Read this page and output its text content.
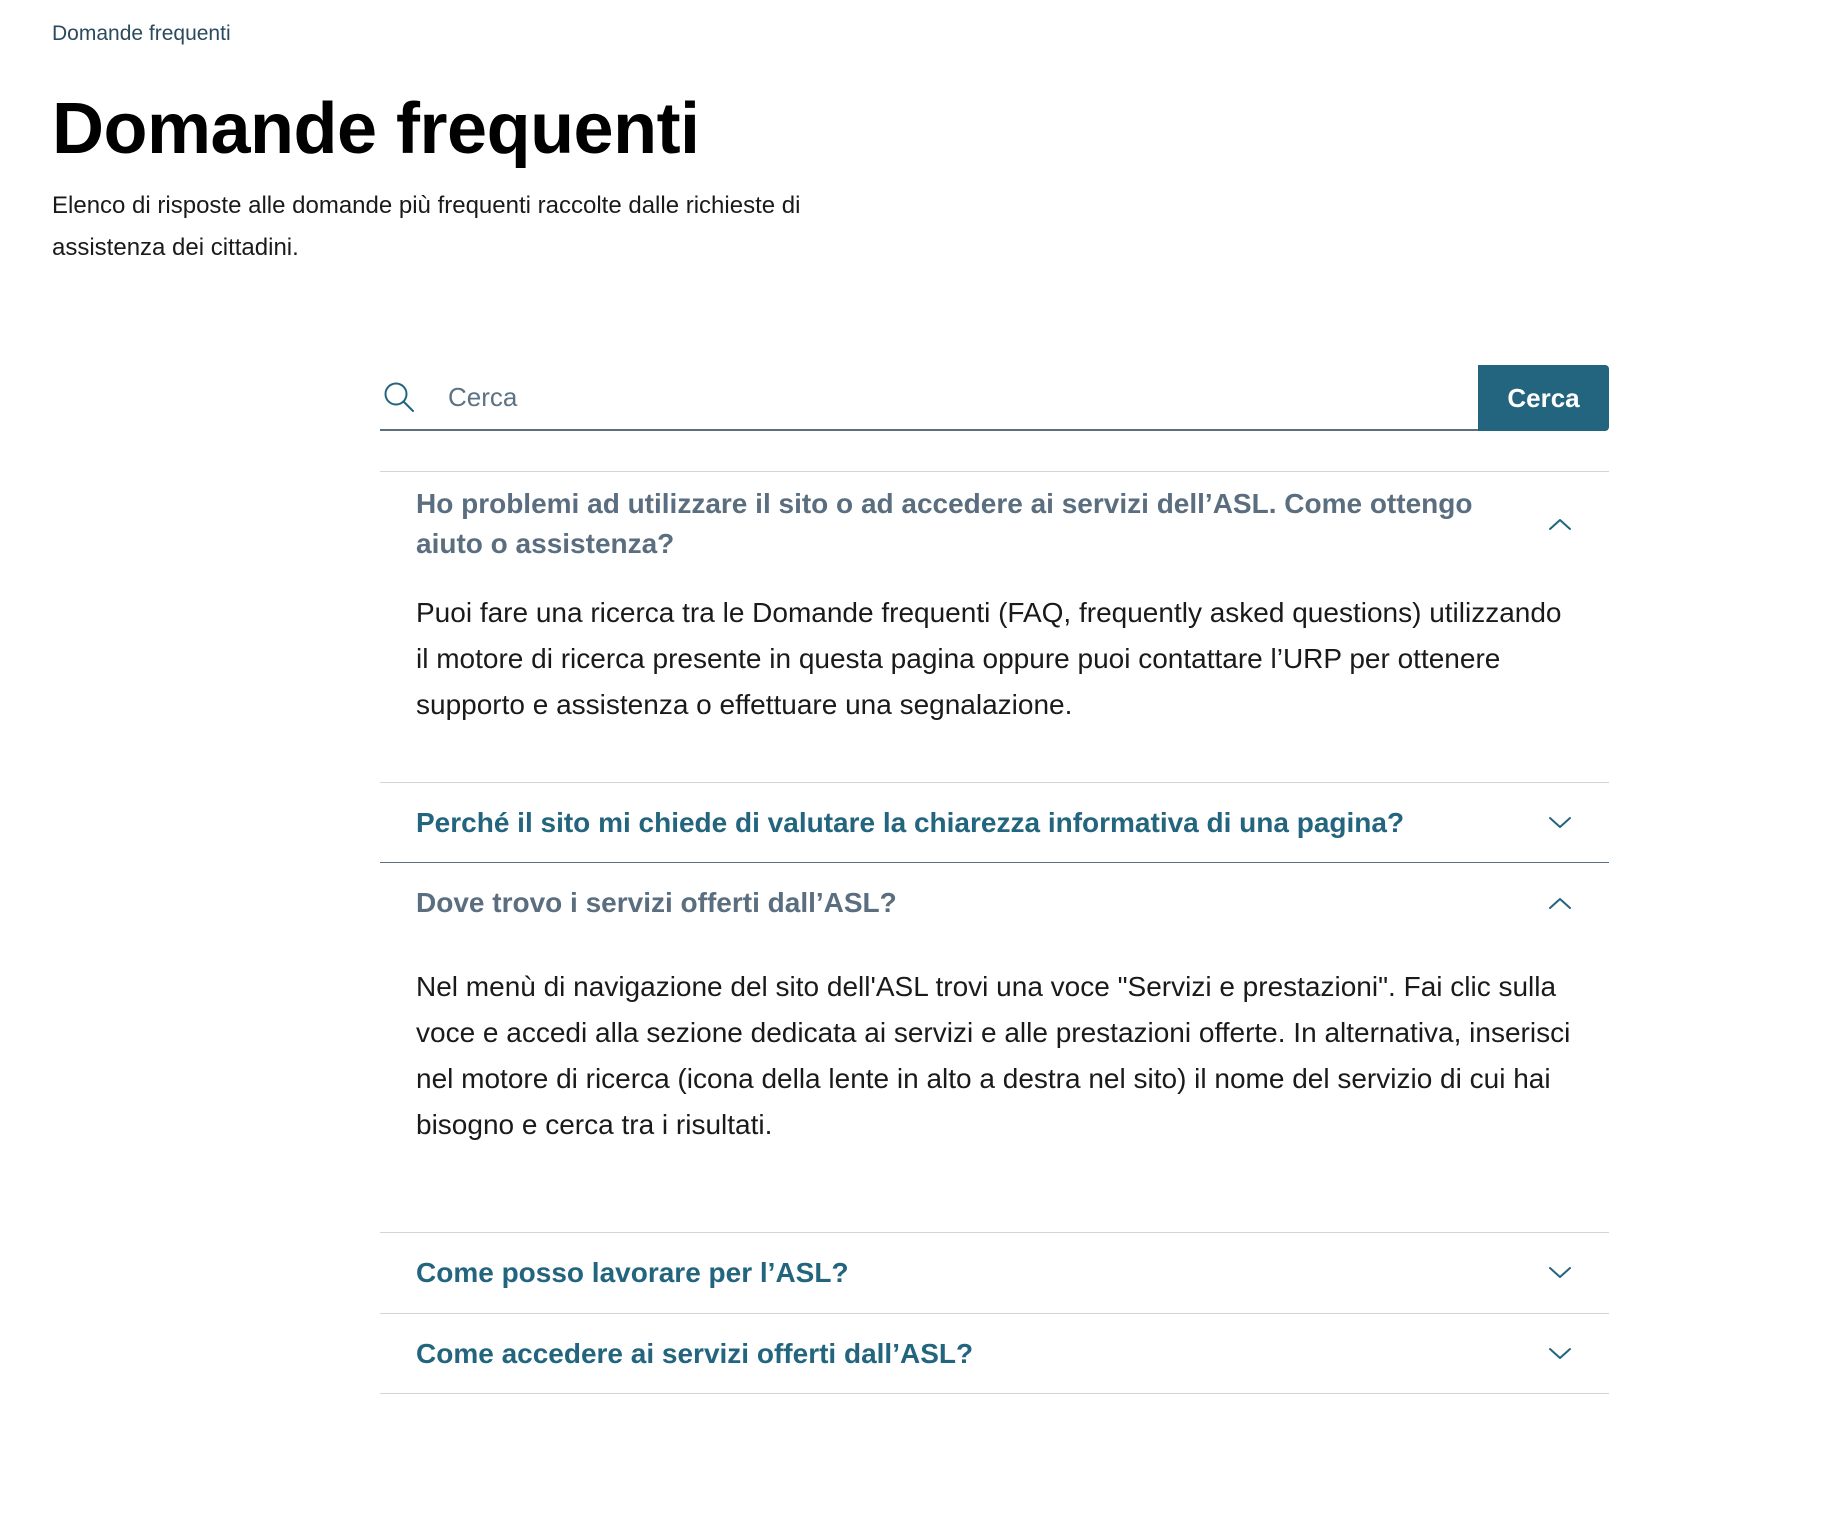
Domande frequenti
Domande frequenti

Elenco di risposte alle domande più frequenti raccolte dalle richieste di assistenza dei cittadini.

Cerca
Cerca
Ho problemi ad utilizzare il sito o ad accedere ai servizi dell’ASL. Come ottengo aiuto o assistenza?
Puoi fare una ricerca tra le Domande frequenti (FAQ, frequently asked questions) utilizzando il motore di ricerca presente in questa pagina oppure puoi contattare l’URP per ottenere supporto e assistenza o effettuare una segnalazione.
Perché il sito mi chiede di valutare la chiarezza informativa di una pagina?
Dove trovo i servizi offerti dall’ASL?
Nel menù di navigazione del sito dell'ASL trovi una voce "Servizi e prestazioni". Fai clic sulla voce e accedi alla sezione dedicata ai servizi e alle prestazioni offerte. In alternativa, inserisci nel motore di ricerca (icona della lente in alto a destra nel sito) il nome del servizio di cui hai bisogno e cerca tra i risultati.
Come posso lavorare per l’ASL?
Come accedere ai servizi offerti dall’ASL?
